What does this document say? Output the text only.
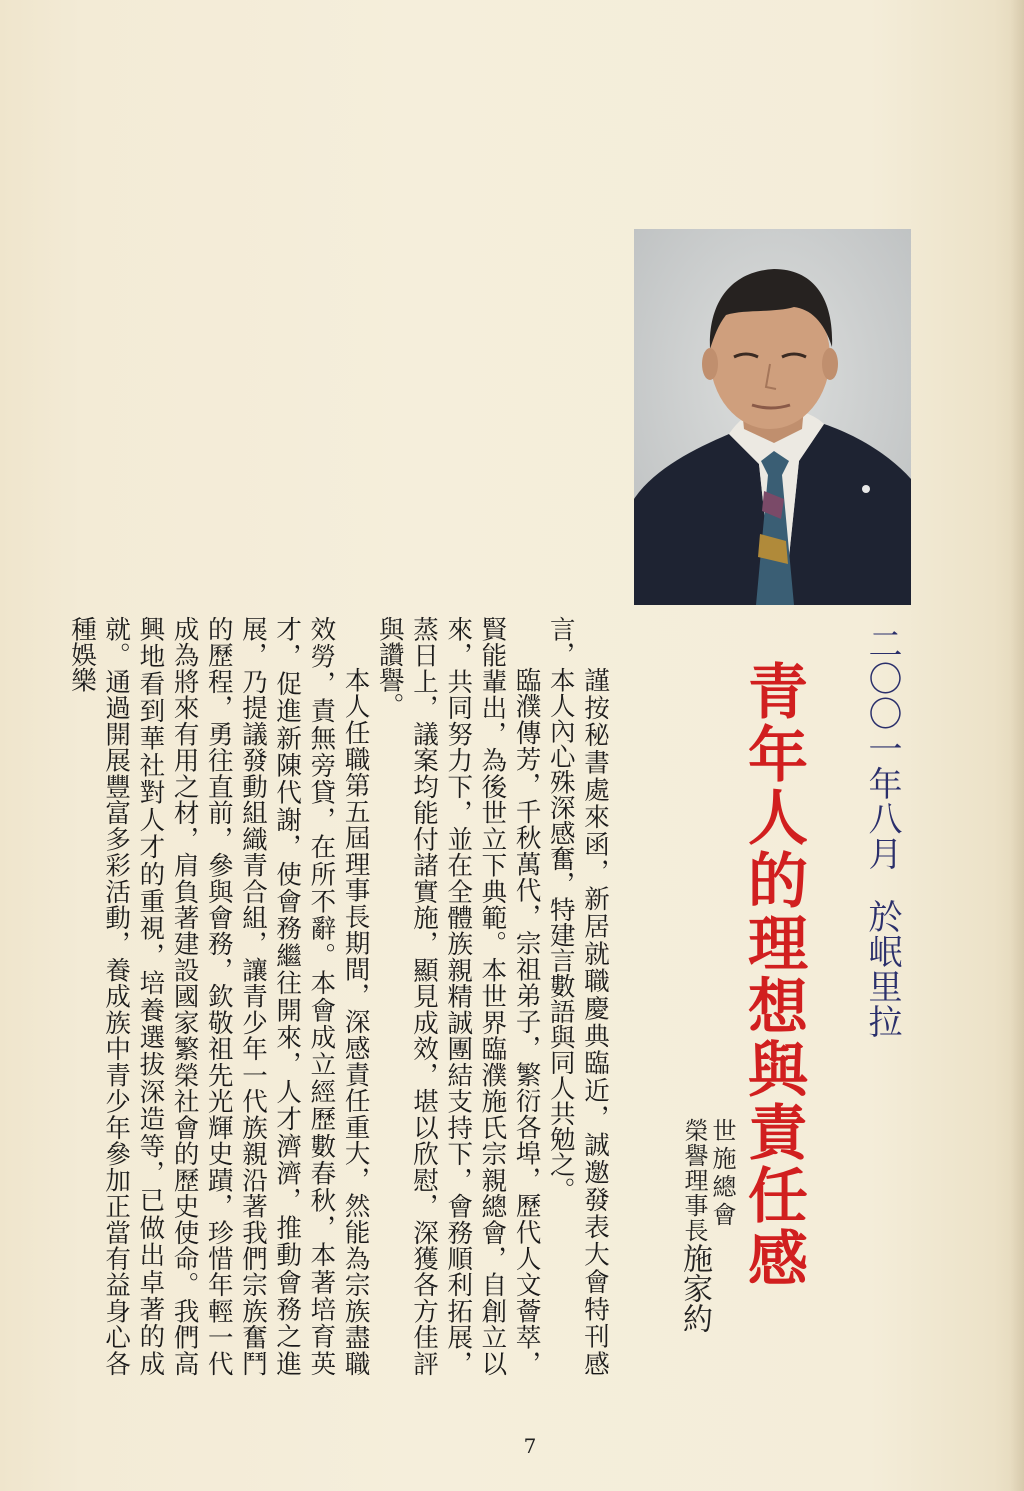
二〇〇一年八月於岷里拉
青年人的理想與責任感
世施總會
榮譽理事長施家約

謹按秘書處來函，新居就職慶典臨近，誠邀發表大會特刊感言，本人內心殊深感奮，特建言數語與同人共勉之。

臨濮傳芳，千秋萬代，宗祖弟子，繁衍各埠，歷代人文薈萃，賢能輩出，為後世立下典範。本世界臨濮施氏宗親總會，自創立以來，共同努力下，並在全體族親精誠團結支持下，會務順利拓展，蒸日上，議案均能付諸實施，顯見成效，堪以欣慰，深獲各方佳評與讚譽。

本人任職第五屆理事長期間，深感責任重大，然能為宗族盡職效勞，責無旁貸，在所不辭。本會成立經歷數春秋，本著培育英才，促進新陳代謝，使會務繼往開來，人才濟濟，推動會務之進展，乃提議發動組織青合組，讓青少年一代族親沿著我們宗族奮鬥的歷程，勇往直前，參與會務，欽敬祖先光輝史蹟，珍惜年輕一代成為將來有用之材，肩負著建設國家繁榮社會的歷史使命。我們高興地看到華社對人才的重視，培養選拔深造等，已做出卓著的成就。通過開展豐富多彩活動，養成族中青少年參加正當有益身心各種娛樂

7
